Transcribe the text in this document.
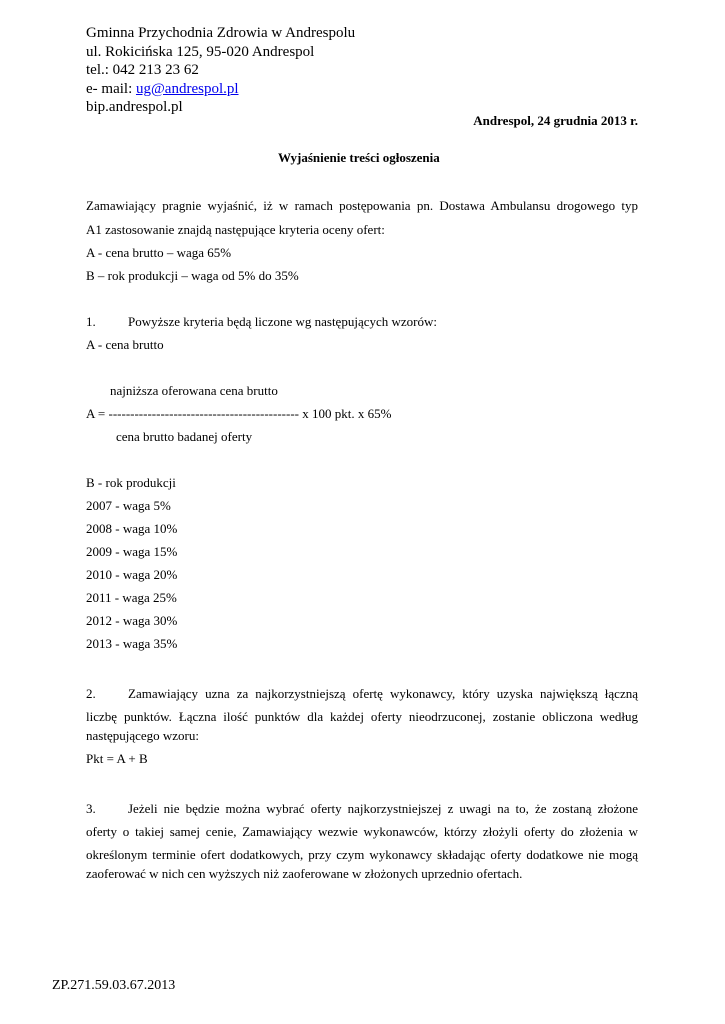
Gminna Przychodnia Zdrowia w Andrespolu
ul. Rokicińska 125, 95-020 Andrespol
tel.: 042 213 23 62
e- mail: ug@andrespol.pl
bip.andrespol.pl
Andrespol, 24 grudnia 2013 r.
Wyjaśnienie treści ogłoszenia
Zamawiający pragnie wyjaśnić, iż w ramach postępowania pn. Dostawa Ambulansu drogowego typ
A1 zastosowanie znajdą następujące kryteria oceny ofert:
A - cena brutto – waga 65%
B – rok produkcji – waga od 5% do 35%
1. Powyższe kryteria będą liczone wg następujących wzorów:
A - cena brutto
najniższa oferowana cena brutto
A = -------------------------------------------- x 100 pkt. x 65%
cena brutto badanej oferty
B - rok produkcji
2007 - waga 5%
2008 - waga 10%
2009 - waga 15%
2010 - waga 20%
2011 - waga 25%
2012 - waga 30%
2013 - waga 35%
2. Zamawiający uzna za najkorzystniejszą ofertę wykonawcy, który uzyska największą łączną
liczbę punktów. Łączna ilość punktów dla każdej oferty nieodrzuconej, zostanie obliczona według
następującego wzoru:
Pkt = A + B
3. Jeżeli nie będzie można wybrać oferty najkorzystniejszej z uwagi na to, że zostaną złożone
oferty o takiej samej cenie, Zamawiający wezwie wykonawców, którzy złożyli oferty do złożenia w
określonym terminie ofert dodatkowych, przy czym wykonawcy składając oferty dodatkowe nie mogą
zaoferować w nich cen wyższych niż zaoferowane w złożonych uprzednio ofertach.
ZP.271.59.03.67.2013
